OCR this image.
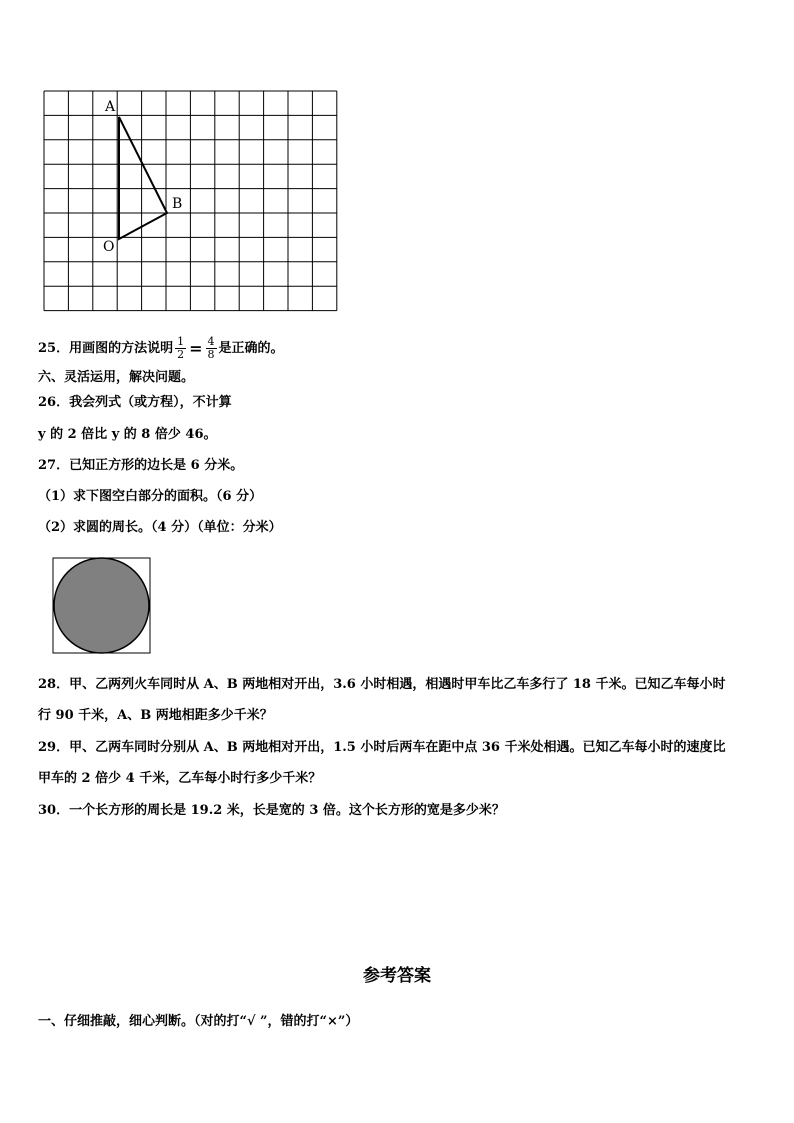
A
B
O
25．用画图的方法说明 $\frac{1}{2} = \frac{4}{8}$ 是正确的。
六、灵活运用，解决问题。
26．我会列式（或方程），不计算
y 的 2 倍比 y 的 8 倍少 46。
27．已知正方形的边长是 6 分米。
（1）求下图空白部分的面积。（6 分）
（2）求圆的周长。（4 分）（单位：分米）
28．甲、乙两列火车同时从 A、B 两地相对开出，3.6 小时相遇，相遇时甲车比乙车多行了 18 千米。已知乙车每小时
行 90 千米，A、B 两地相距多少千米？
29．甲、乙两车同时分别从 A、B 两地相对开出，1.5 小时后两车在距中点 36 千米处相遇。已知乙车每小时的速度比
甲车的 2 倍少 4 千米，乙车每小时行多少千米？
30．一个长方形的周长是 19.2 米，长是宽的 3 倍。这个长方形的宽是多少米？
参考答案
一、仔细推敲，细心判断。（对的打“√ ”，错的打“×”）
